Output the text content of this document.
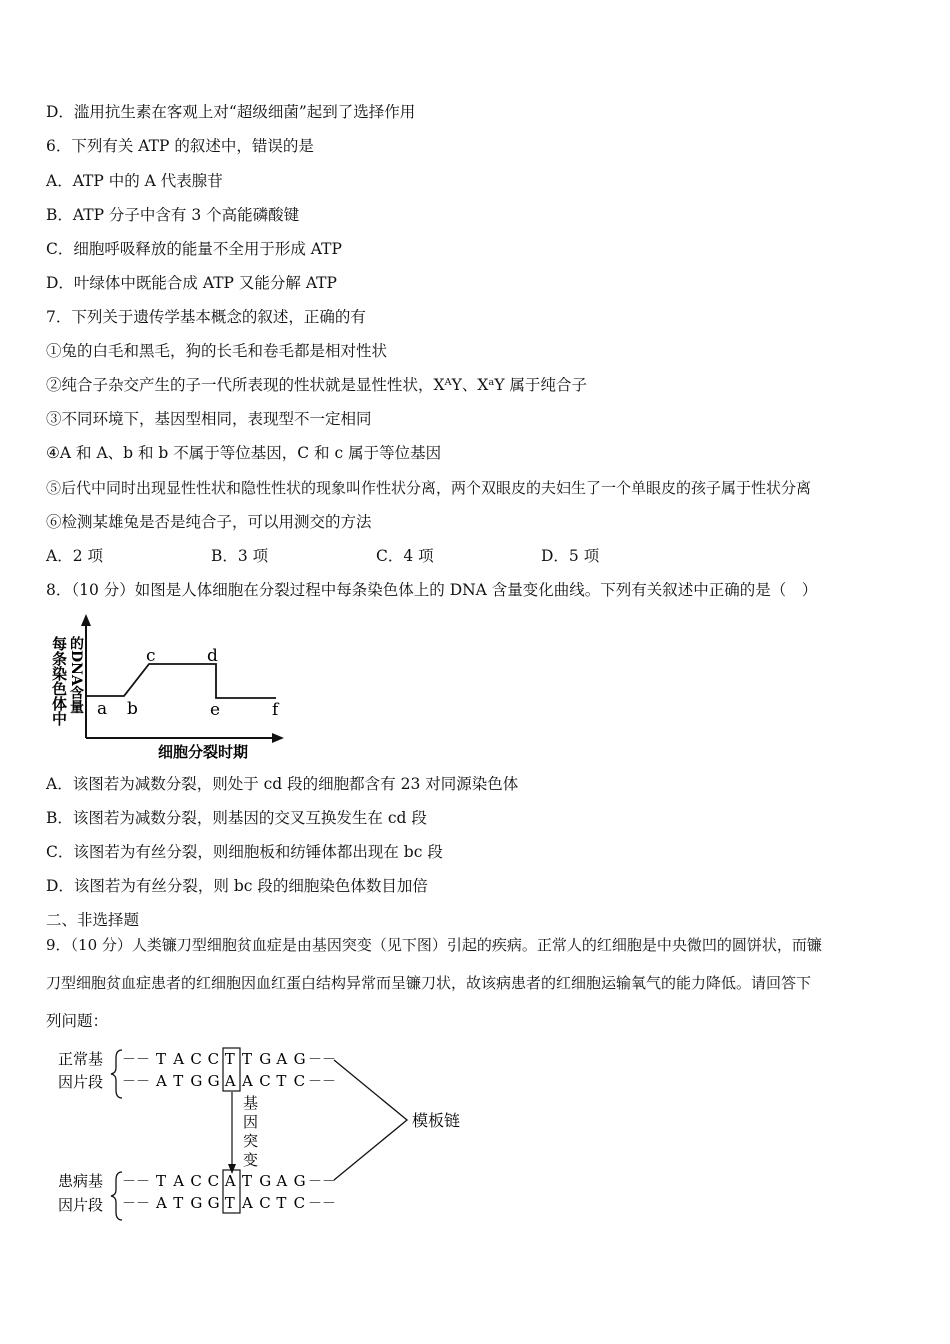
D．滥用抗生素在客观上对“超级细菌”起到了选择作用
6．下列有关 ATP 的叙述中，错误的是
A．ATP 中的 A 代表腺苷
B．ATP 分子中含有 3 个高能磷酸键
C．细胞呼吸释放的能量不全用于形成 ATP
D．叶绿体中既能合成 ATP 又能分解 ATP
7．下列关于遗传学基本概念的叙述，正确的有
①兔的白毛和黑毛，狗的长毛和卷毛都是相对性状
②纯合子杂交产生的子一代所表现的性状就是显性性状，XᴬY、XᵃY 属于纯合子
③不同环境下，基因型相同，表现型不一定相同
④A 和 A、b 和 b 不属于等位基因，C 和 c 属于等位基因
⑤后代中同时出现显性性状和隐性性状的现象叫作性状分离，两个双眼皮的夫妇生了一个单眼皮的孩子属于性状分离
⑥检测某雄兔是否是纯合子，可以用测交的方法
A．2 项	B．3 项	C．4 项	D．5 项
8．（10 分）如图是人体细胞在分裂过程中每条染色体上的 DNA 含量变化曲线。下列有关叙述中正确的是（　）
每条染色体中 的DNA含量 a b
c	d
e	f
细胞分裂时期
A．该图若为减数分裂，则处于 cd 段的细胞都含有 23 对同源染色体
B．该图若为减数分裂，则基因的交叉互换发生在 cd 段
C．该图若为有丝分裂，则细胞板和纺锤体都出现在 bc 段
D．该图若为有丝分裂，则 bc 段的细胞染色体数目加倍
二、非选择题
9．（10 分）人类镰刀型细胞贫血症是由基因突变（见下图）引起的疾病。正常人的红细胞是中央微凹的圆饼状，而镰
刀型细胞贫血症患者的红细胞因血红蛋白结构异常而呈镰刀状，故该病患者的红细胞运输氧气的能力降低。请回答下
列问题：
正常基
因片段
－－
－－
T A C C T T G A G
A T G G A A C T C
－－
－－
基
因
突
变
模板链
患病基
因片段
－－
－－
T A C C A T G A G
A T G G T A C T C
－－
－－
